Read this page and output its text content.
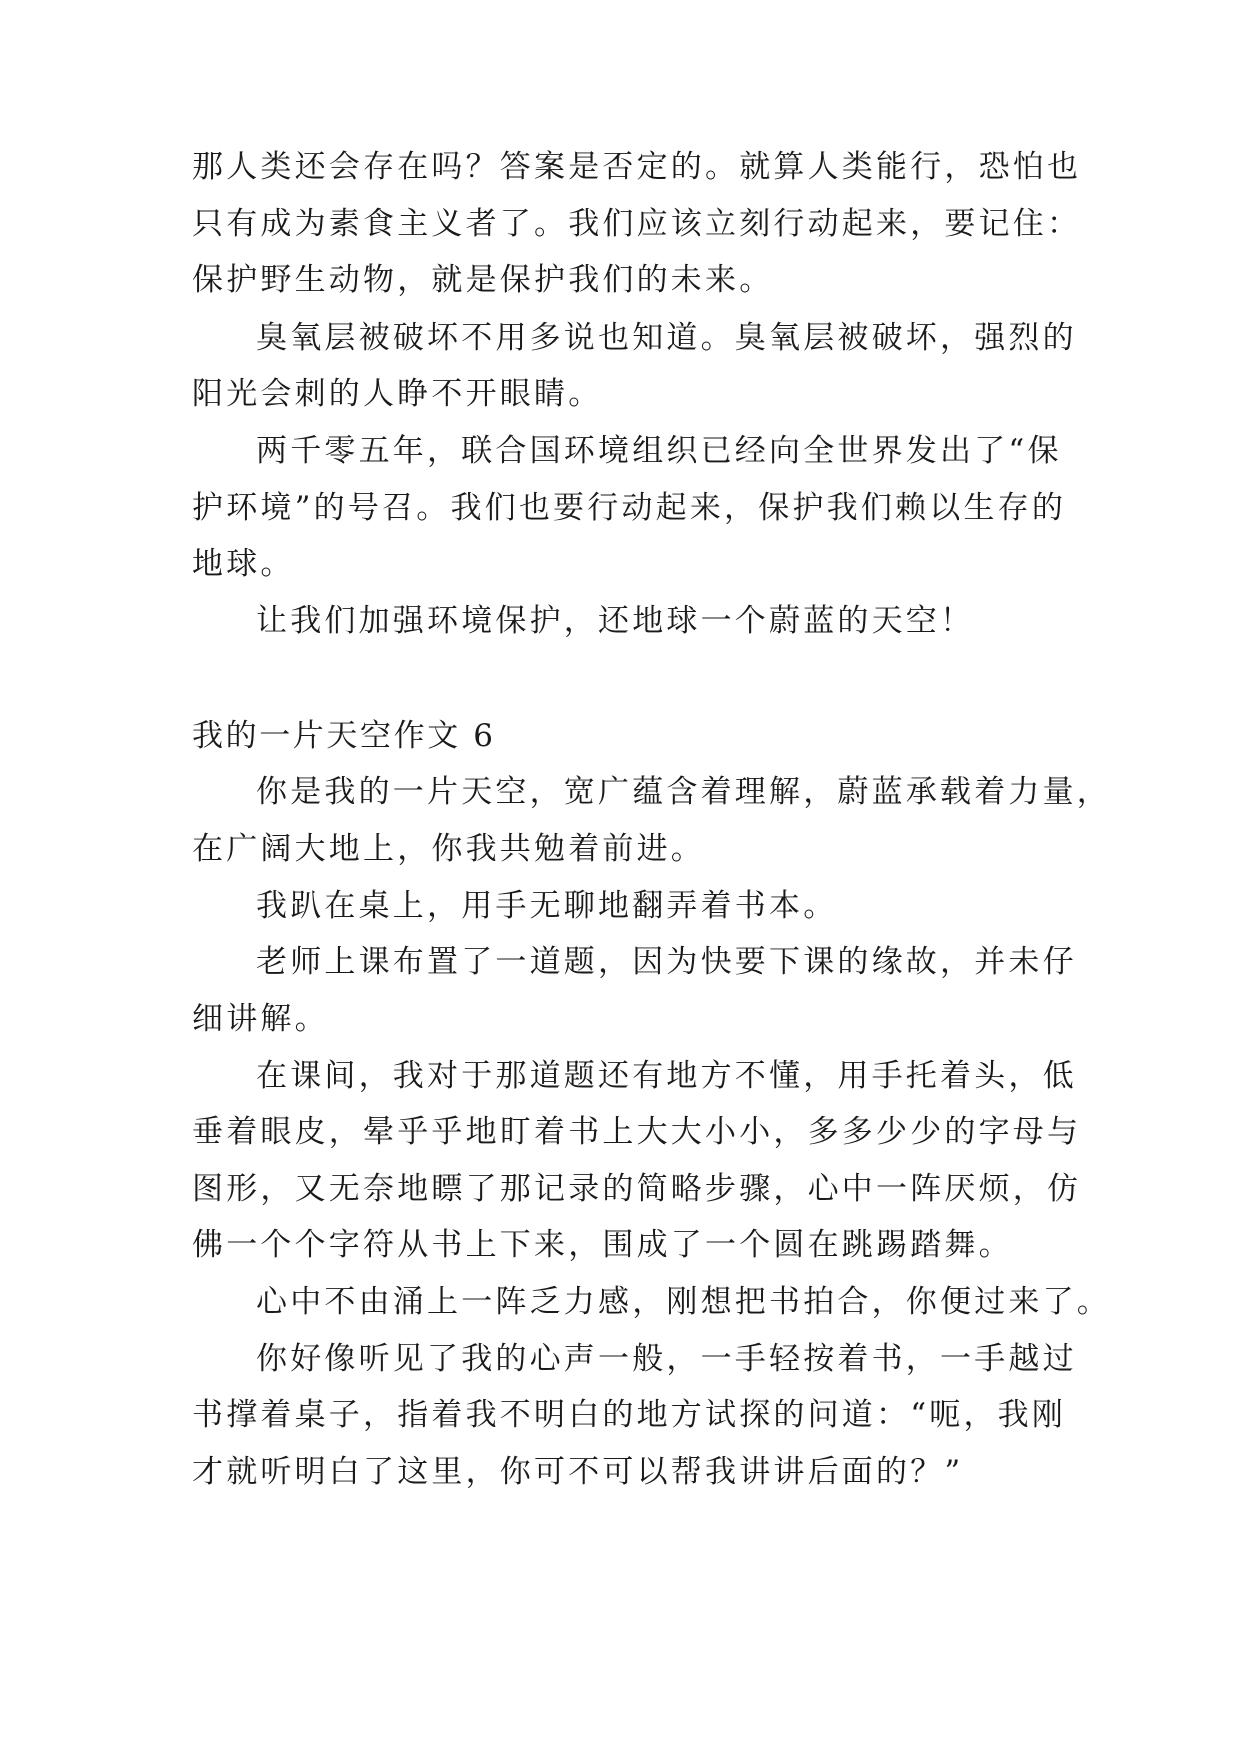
那人类还会存在吗？答案是否定的。就算人类能行，恐怕也
只有成为素食主义者了。我们应该立刻行动起来，要记住：
保护野生动物，就是保护我们的未来。
臭氧层被破坏不用多说也知道。臭氧层被破坏，强烈的
阳光会刺的人睁不开眼睛。
两千零五年，联合国环境组织已经向全世界发出了“保
护环境”的号召。我们也要行动起来，保护我们赖以生存的
地球。
让我们加强环境保护，还地球一个蔚蓝的天空！
我的一片天空作文 6
你是我的一片天空，宽广蕴含着理解，蔚蓝承载着力量，
在广阔大地上，你我共勉着前进。
我趴在桌上，用手无聊地翻弄着书本。
老师上课布置了一道题，因为快要下课的缘故，并未仔
细讲解。
在课间，我对于那道题还有地方不懂，用手托着头，低
垂着眼皮，晕乎乎地盯着书上大大小小，多多少少的字母与
图形，又无奈地瞟了那记录的简略步骤，心中一阵厌烦，仿
佛一个个字符从书上下来，围成了一个圆在跳踢踏舞。
心中不由涌上一阵乏力感，刚想把书拍合，你便过来了。
你好像听见了我的心声一般，一手轻按着书，一手越过
书撑着桌子，指着我不明白的地方试探的问道：“呃，我刚
才就听明白了这里，你可不可以帮我讲讲后面的？”
